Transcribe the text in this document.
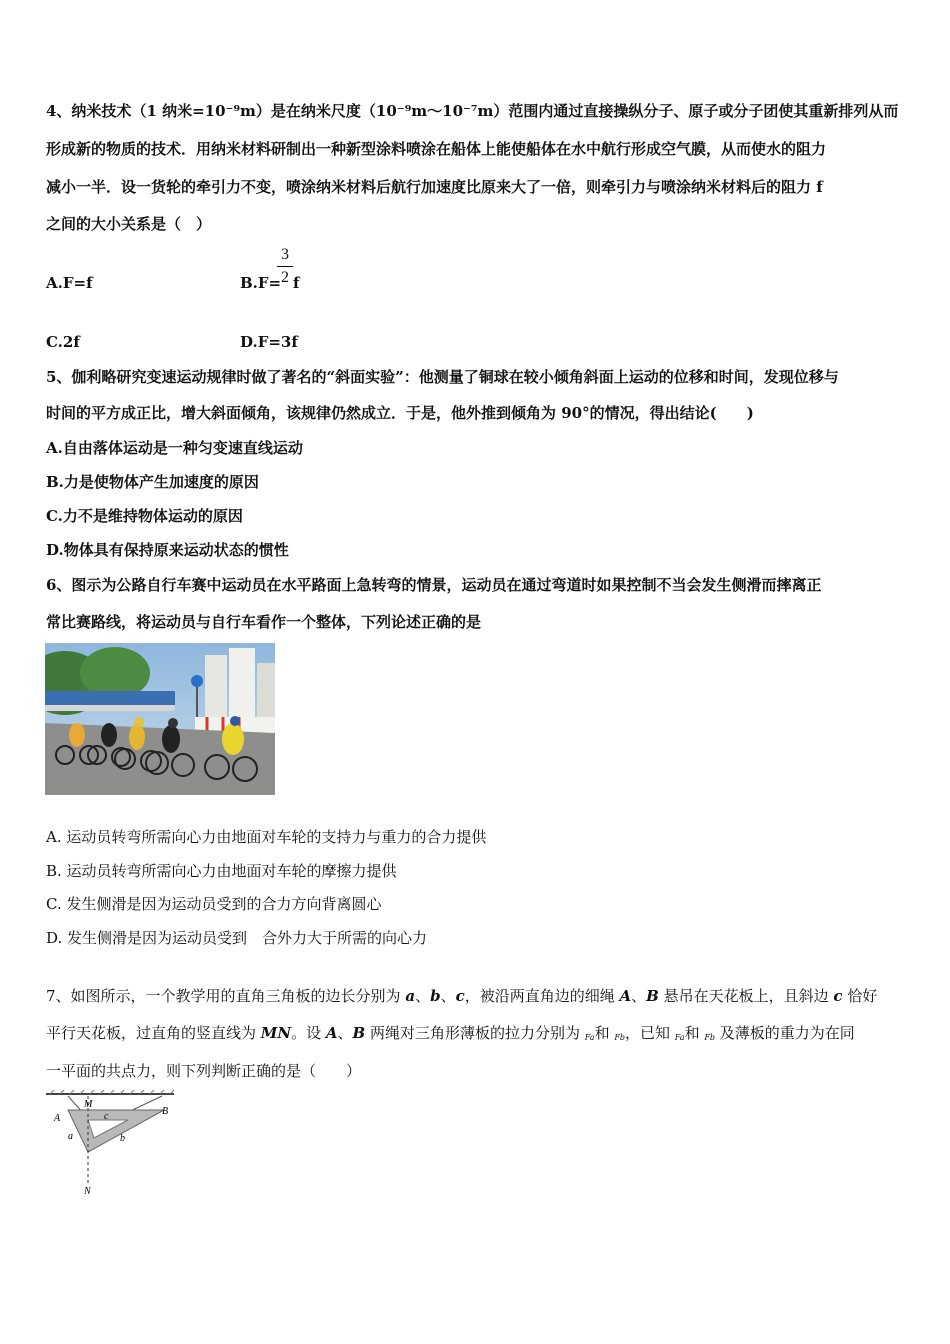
4、纳米技术（1 纳米=10⁻⁹m）是在纳米尺度（10⁻⁹m～10⁻⁷m）范围内通过直接操纵分子、原子或分子团使其重新排列从而
形成新的物质的技术．用纳米材料研制出一种新型涂料喷涂在船体上能使船体在水中航行形成空气膜，从而使水的阻力
减小一半．设一货轮的牵引力不变，喷涂纳米材料后航行加速度比原来大了一倍，则牵引力与喷涂纳米材料后的阻力 f
之间的大小关系是（　）
A.F=f	B.F=
3
2 f
C.2f	D.F=3f
5、伽利略研究变速运动规律时做了著名的“斜面实验”：他测量了铜球在较小倾角斜面上运动的位移和时间，发现位移与
时间的平方成正比，增大斜面倾角，该规律仍然成立．于是，他外推到倾角为 90°的情况，得出结论(　　)
A.自由落体运动是一种匀变速直线运动
B.力是使物体产生加速度的原因
C.力不是维持物体运动的原因
D.物体具有保持原来运动状态的惯性
6、图示为公路自行车赛中运动员在水平路面上急转弯的情景，运动员在通过弯道时如果控制不当会发生侧滑而摔离正
常比赛路线，将运动员与自行车看作一个整体，下列论述正确的是
A. 运动员转弯所需向心力由地面对车轮的支持力与重力的合力提供
B. 运动员转弯所需向心力由地面对车轮的摩擦力提供
C. 发生侧滑是因为运动员受到的合力方向背离圆心
D. 发生侧滑是因为运动员受到　合外力大于所需的向心力
7、如图所示，一个教学用的直角三角板的边长分别为 a、b、c，被沿两直角边的细绳 A、B 悬吊在天花板上，且斜边 c 恰好
平行天花板，过直角的竖直线为 MN。设 A、B 两绳对三角形薄板的拉力分别为 $_{Fa}$和 $_{Fb}$，已知 $_{Fa}$和 $_{Fb}$ 及薄板的重力为在同
一平面的共点力，则下列判断正确的是（　　）
M
c
A
B
a	b
N
